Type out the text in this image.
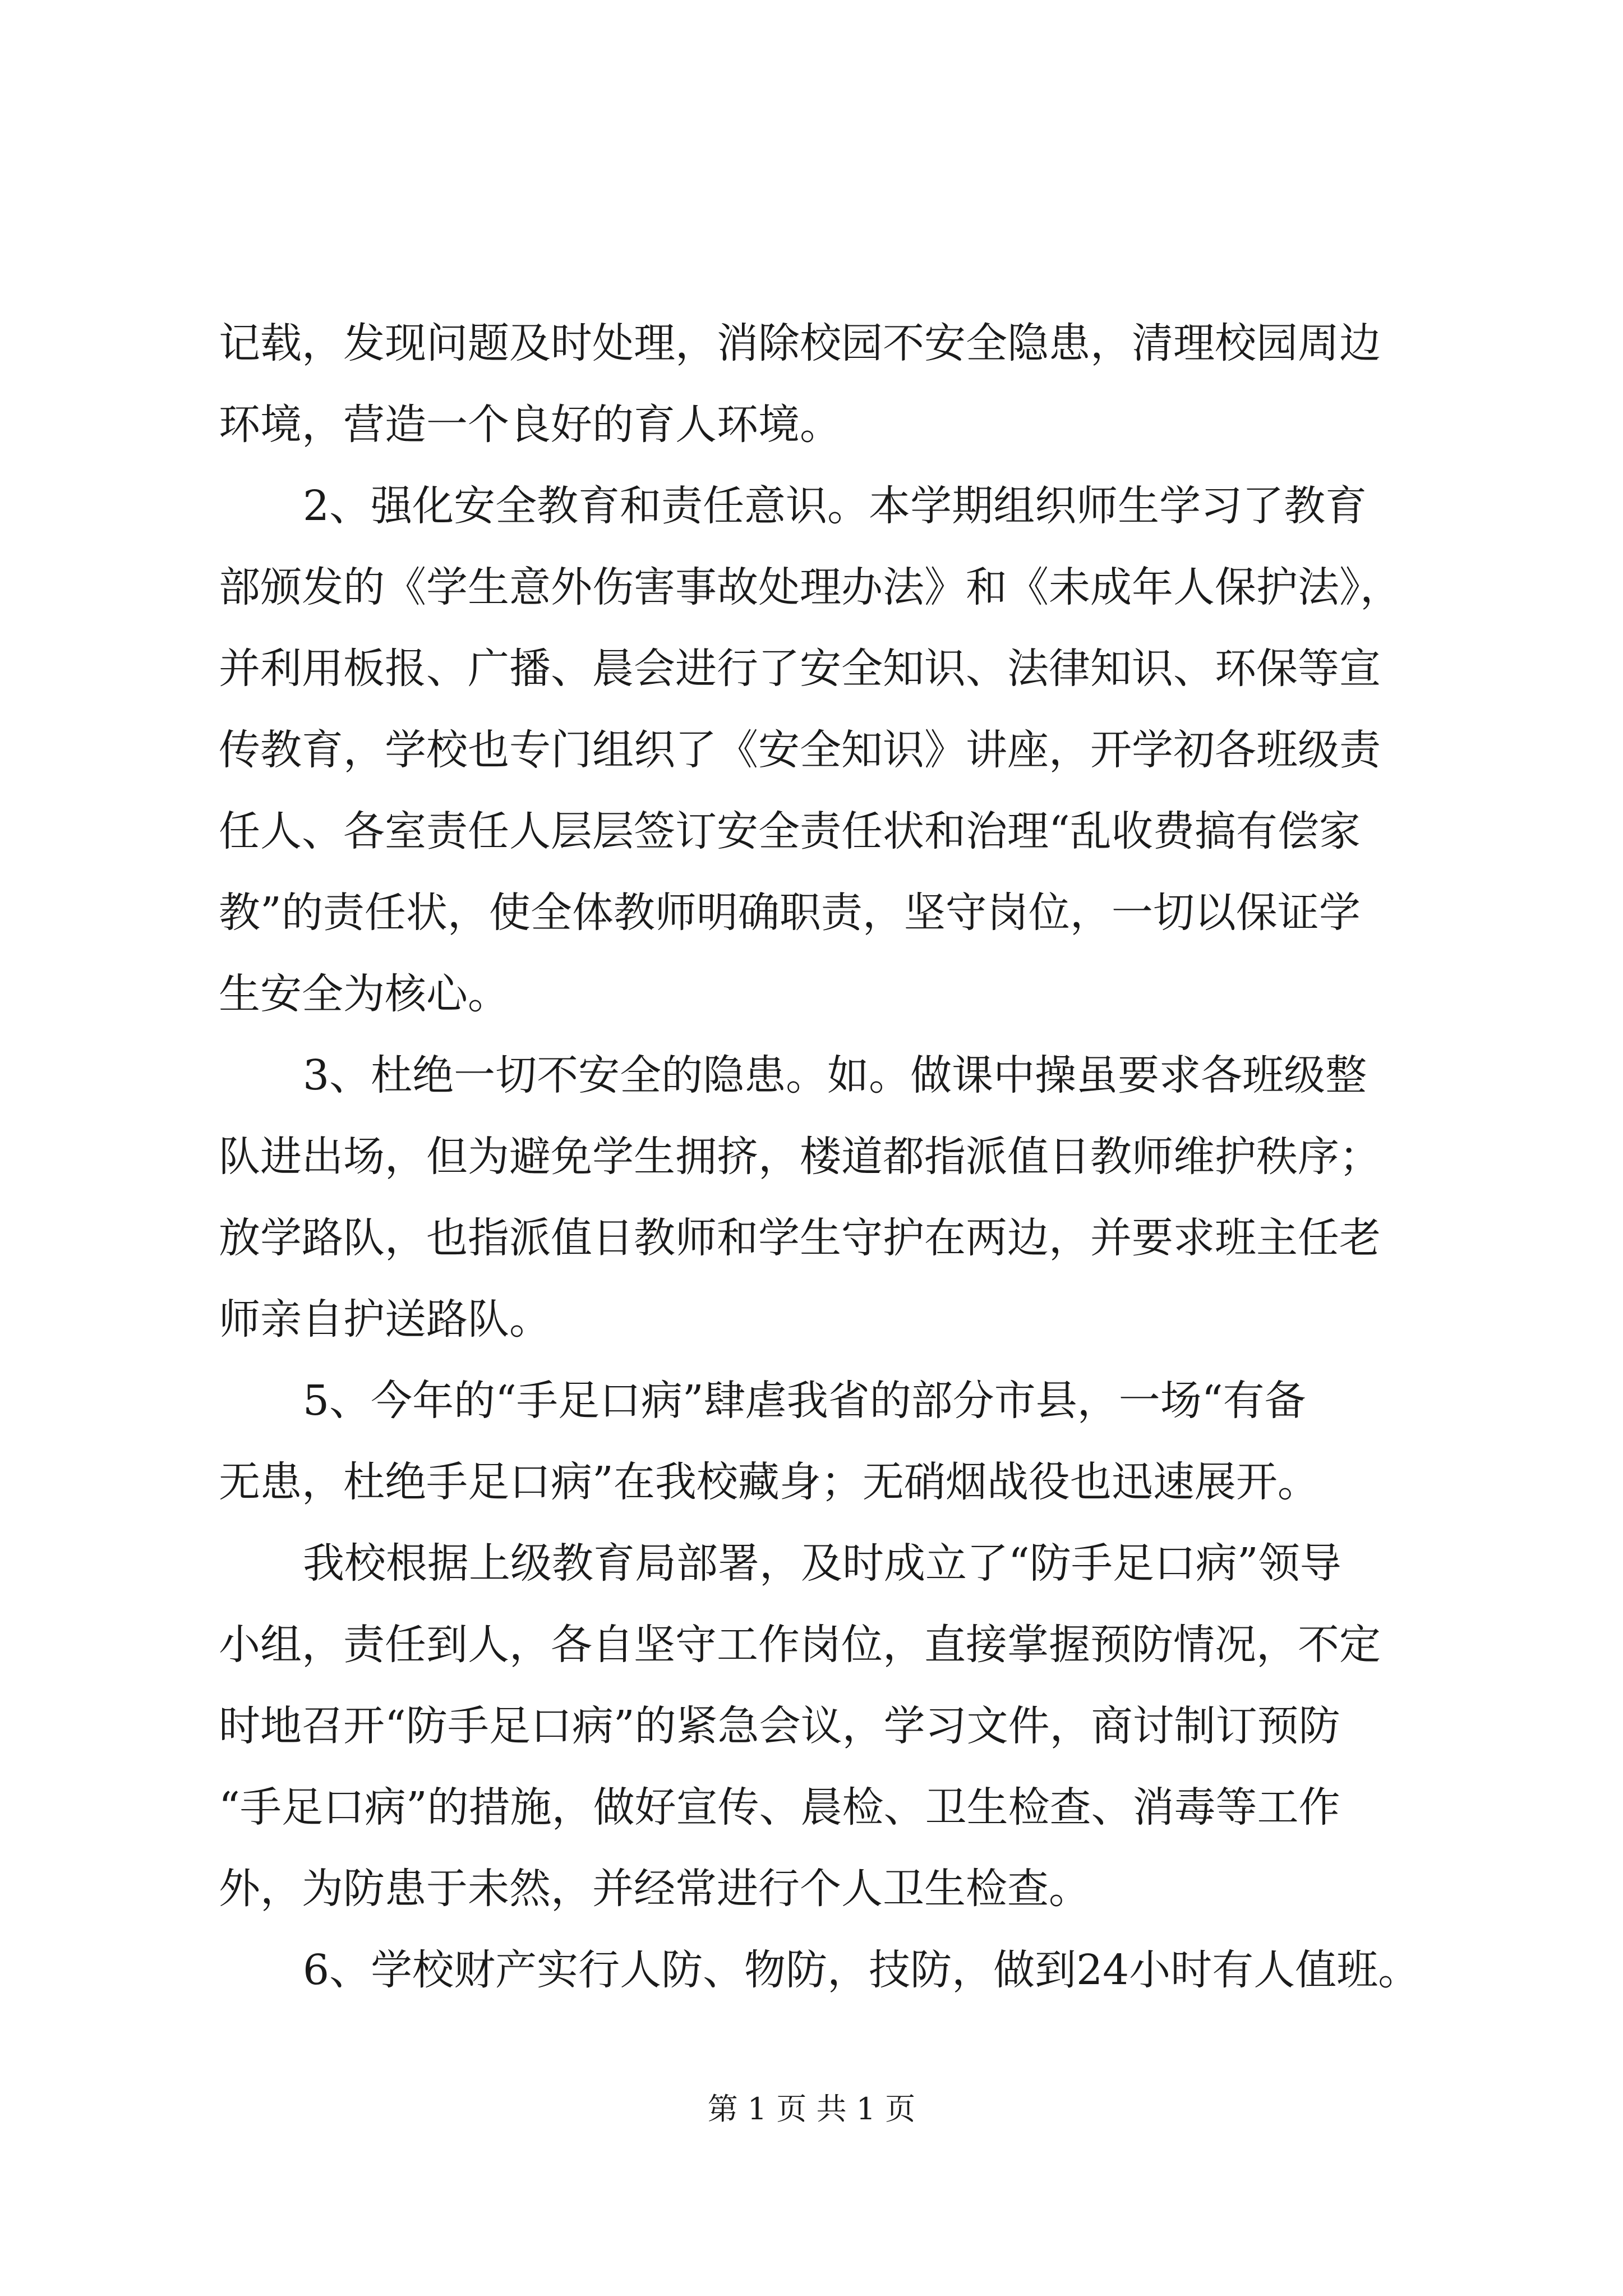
记载，发现问题及时处理，消除校园不安全隐患，清理校园周边
环境，营造一个良好的育人环境。
2、强化安全教育和责任意识。本学期组织师生学习了教育
部颁发的《学生意外伤害事故处理办法》和《未成年人保护法》，
并利用板报、广播、晨会进行了安全知识、法律知识、环保等宣
传教育，学校也专门组织了《安全知识》讲座，开学初各班级责
任人、各室责任人层层签订安全责任状和治理“乱收费搞有偿家
教”的责任状，使全体教师明确职责，坚守岗位，一切以保证学
生安全为核心。
3、杜绝一切不安全的隐患。如。做课中操虽要求各班级整
队进出场，但为避免学生拥挤，楼道都指派值日教师维护秩序；
放学路队，也指派值日教师和学生守护在两边，并要求班主任老
师亲自护送路队。
5、今年的“手足口病”肆虐我省的部分市县，一场“有备
无患，杜绝手足口病”在我校藏身；无硝烟战役也迅速展开。
我校根据上级教育局部署，及时成立了“防手足口病”领导
小组，责任到人，各自坚守工作岗位，直接掌握预防情况，不定
时地召开“防手足口病”的紧急会议，学习文件，商讨制订预防
“手足口病”的措施，做好宣传、晨检、卫生检查、消毒等工作
外，为防患于未然，并经常进行个人卫生检查。
6、学校财产实行人防、物防，技防，做到24小时有人值班。
第 1 页 共 1 页
